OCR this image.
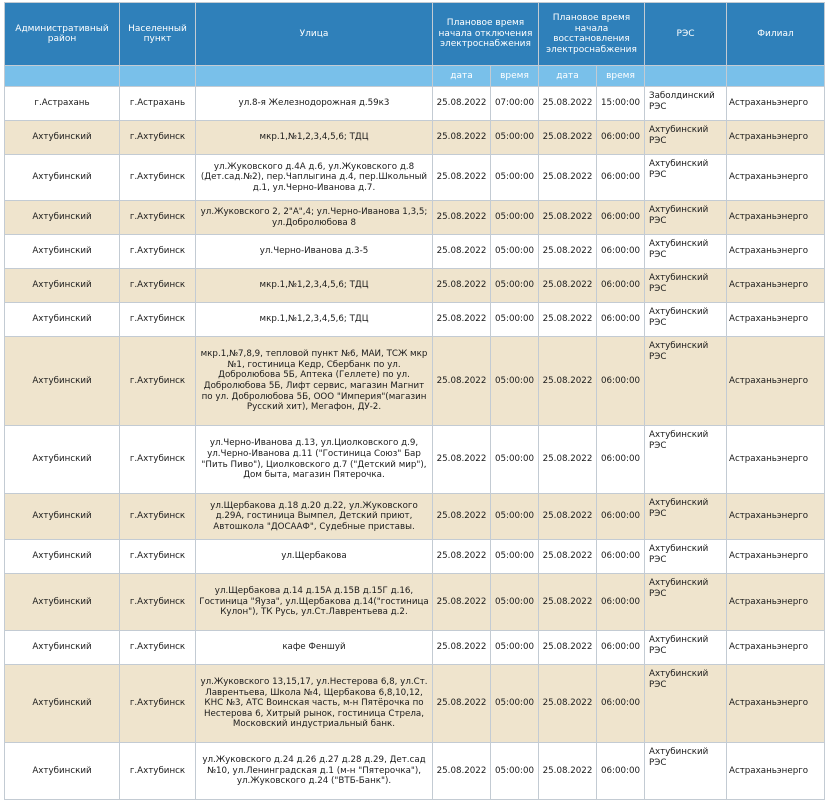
Административный район	Населенный пункт	Улица	Плановое время начала отключения электроснабжения		Плановое время начала восстановления электроснабжения		РЭС	Филиал
			дата	время	дата	время		
г.Астрахань	г.Астрахань	ул.8-я Железнодорожная д.59к3	25.08.2022	07:00:00	25.08.2022	15:00:00	Заболдинский РЭС	Астраханьэнерго
Ахтубинский	г.Ахтубинск	мкр.1,№1,2,3,4,5,6; ТДЦ	25.08.2022	05:00:00	25.08.2022	06:00:00	Ахтубинский РЭС	Астраханьэнерго
Ахтубинский	г.Ахтубинск	ул.Жуковского д.4А д.6, ул.Жуковского д.8 (Дет.сад.№2), пер.Чаплыгина д.4, пер.Школьный д.1, ул.Черно-Иванова д.7.	25.08.2022	05:00:00	25.08.2022	06:00:00	Ахтубинский РЭС	Астраханьэнерго
Ахтубинский	г.Ахтубинск	ул.Жуковского 2, 2"А",4; ул.Черно-Иванова 1,3,5; ул.Добролюбова 8	25.08.2022	05:00:00	25.08.2022	06:00:00	Ахтубинский РЭС	Астраханьэнерго
Ахтубинский	г.Ахтубинск	ул.Черно-Иванова д.3-5	25.08.2022	05:00:00	25.08.2022	06:00:00	Ахтубинский РЭС	Астраханьэнерго
Ахтубинский	г.Ахтубинск	мкр.1,№1,2,3,4,5,6; ТДЦ	25.08.2022	05:00:00	25.08.2022	06:00:00	Ахтубинский РЭС	Астраханьэнерго
Ахтубинский	г.Ахтубинск	мкр.1,№1,2,3,4,5,6; ТДЦ	25.08.2022	05:00:00	25.08.2022	06:00:00	Ахтубинский РЭС	Астраханьэнерго
Ахтубинский	г.Ахтубинск	мкр.1,№7,8,9, тепловой пункт №6, МАИ, ТСЖ мкр №1, гостиница Кедр, Сбербанк по ул. Добролюбова 5Б, Аптека (Геллете) по ул. Добролюбова 5Б, Лифт сервис, магазин Магнит по ул. Добролюбова 5Б, ООО "Империя"(магазин Русский хит), Мегафон, ДУ-2.	25.08.2022	05:00:00	25.08.2022	06:00:00	Ахтубинский РЭС	Астраханьэнерго
Ахтубинский	г.Ахтубинск	ул.Черно-Иванова д.13, ул.Циолковского д.9, ул.Черно-Иванова д.11 ("Гостиница Союз" Бар "Пить Пиво"), Циолковского д.7 ("Детский мир"), Дом быта, магазин Пятерочка.	25.08.2022	05:00:00	25.08.2022	06:00:00	Ахтубинский РЭС	Астраханьэнерго
Ахтубинский	г.Ахтубинск	ул.Щербакова д.18 д.20 д.22, ул.Жуковского д.29А, гостиница Вымпел, Детский приют, Автошкола "ДОСААФ", Судебные приставы.	25.08.2022	05:00:00	25.08.2022	06:00:00	Ахтубинский РЭС	Астраханьэнерго
Ахтубинский	г.Ахтубинск	ул.Щербакова	25.08.2022	05:00:00	25.08.2022	06:00:00	Ахтубинский РЭС	Астраханьэнерго
Ахтубинский	г.Ахтубинск	ул.Щербакова д.14 д.15А д.15В д.15Г д.16, Гостиница "Яуза", ул.Щербакова д.14("гостиница Кулон"), ТК Русь, ул.Ст.Лаврентьева д.2.	25.08.2022	05:00:00	25.08.2022	06:00:00	Ахтубинский РЭС	Астраханьэнерго
Ахтубинский	г.Ахтубинск	кафе Феншуй	25.08.2022	05:00:00	25.08.2022	06:00:00	Ахтубинский РЭС	Астраханьэнерго
Ахтубинский	г.Ахтубинск	ул.Жуковского 13,15,17, ул.Нестерова 6,8, ул.Ст. Лаврентьева, Школа №4, Щербакова 6,8,10,12, КНС №3, АТС Воинская часть, м-н Пятёрочка по Нестерова 6, Хитрый рынок, гостиница Стрела, Московский индустриальный банк.	25.08.2022	05:00:00	25.08.2022	06:00:00	Ахтубинский РЭС	Астраханьэнерго
Ахтубинский	г.Ахтубинск	ул.Жуковского д.24 д.26 д.27 д.28 д.29, Дет.сад №10, ул.Ленинградская д.1 (м-н "Пятерочка"), ул.Жуковского д.24 ("ВТБ-Банк").	25.08.2022	05:00:00	25.08.2022	06:00:00	Ахтубинский РЭС	Астраханьэнерго
